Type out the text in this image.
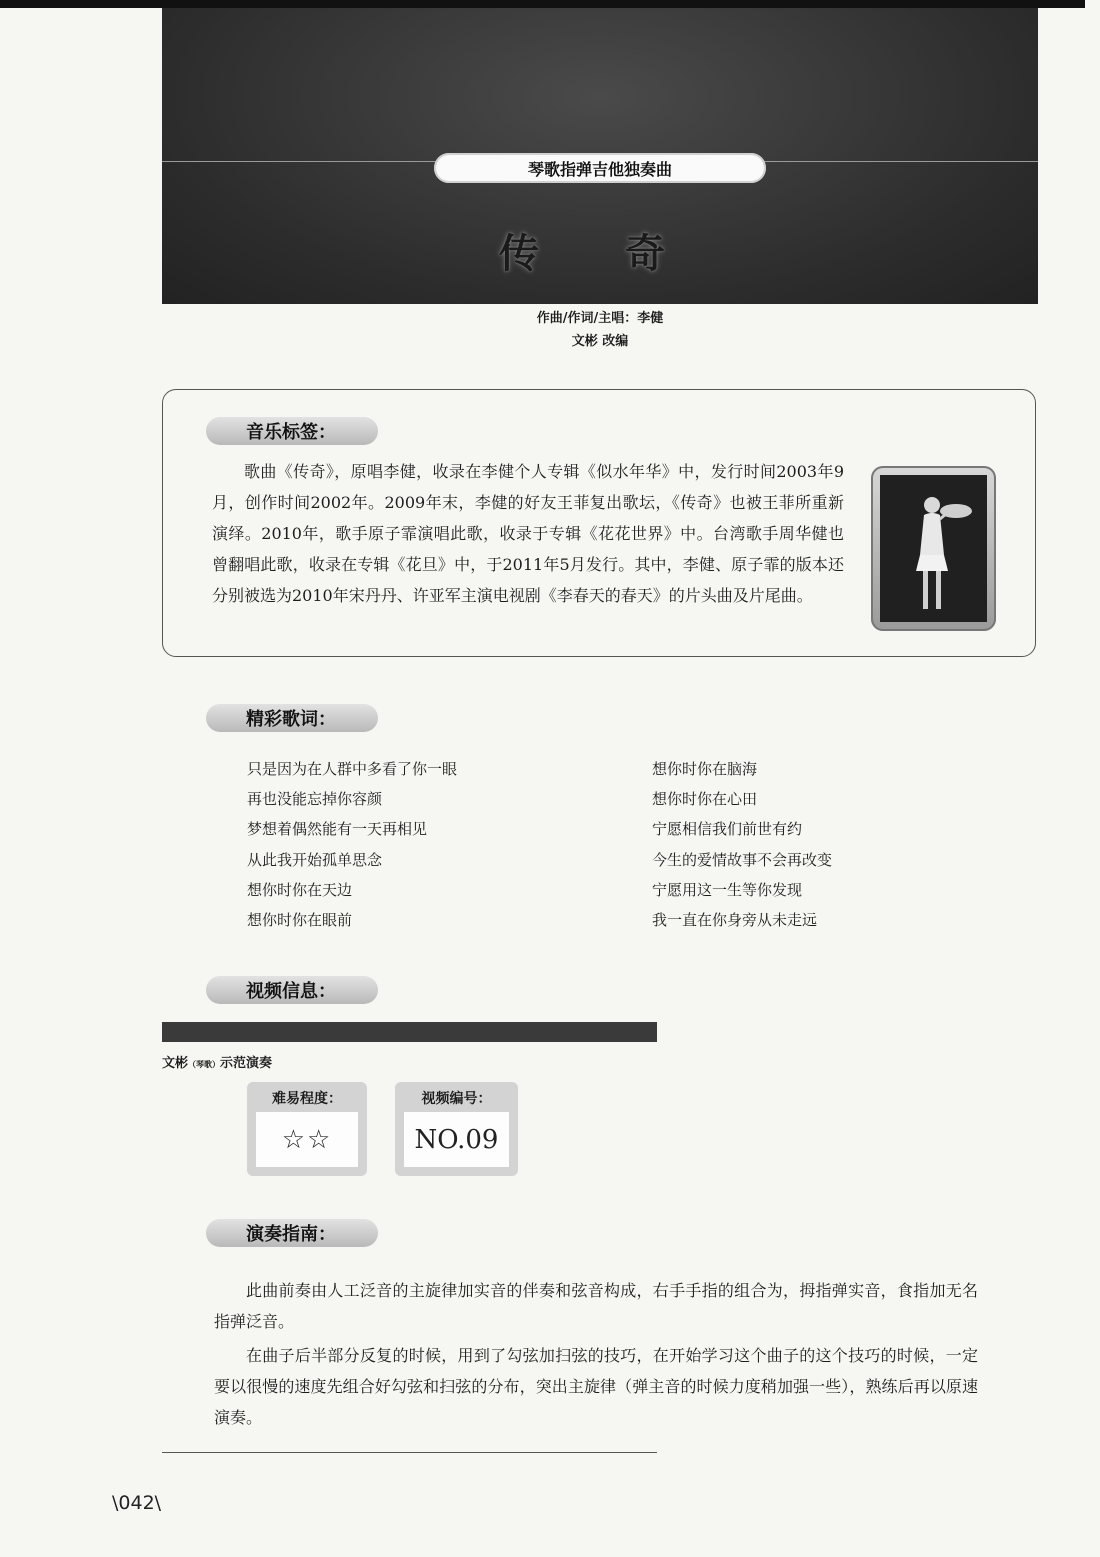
琴歌指弹吉他独奏曲
传 奇
作曲/作词/主唱：李健
文彬 改编
音乐标签：
歌曲《传奇》，原唱李健，收录在李健个人专辑《似水年华》中，发行时间2003年9月，创作时间2002年。2009年末，李健的好友王菲复出歌坛，《传奇》也被王菲所重新演绎。2010年，歌手原子霏演唱此歌，收录于专辑《花花世界》中。台湾歌手周华健也曾翻唱此歌，收录在专辑《花旦》中，于2011年5月发行。其中，李健、原子霏的版本还分别被选为2010年宋丹丹、许亚军主演电视剧《李春天的春天》的片头曲及片尾曲。
精彩歌词：
只是因为在人群中多看了你一眼
再也没能忘掉你容颜
梦想着偶然能有一天再相见
从此我开始孤单思念
想你时你在天边
想你时你在眼前
想你时你在脑海
想你时你在心田
宁愿相信我们前世有约
今生的爱情故事不会再改变
宁愿用这一生等你发现
我一直在你身旁从未走远
视频信息：
文彬（琴歌）示范演奏
难易程度：
☆☆
视频编号：
NO.09
演奏指南：
此曲前奏由人工泛音的主旋律加实音的伴奏和弦音构成，右手手指的组合为，拇指弹实音，食指加无名指弹泛音。
在曲子后半部分反复的时候，用到了勾弦加扫弦的技巧，在开始学习这个曲子的这个技巧的时候，一定要以很慢的速度先组合好勾弦和扫弦的分布，突出主旋律（弹主音的时候力度稍加强一些），熟练后再以原速演奏。
\042\
